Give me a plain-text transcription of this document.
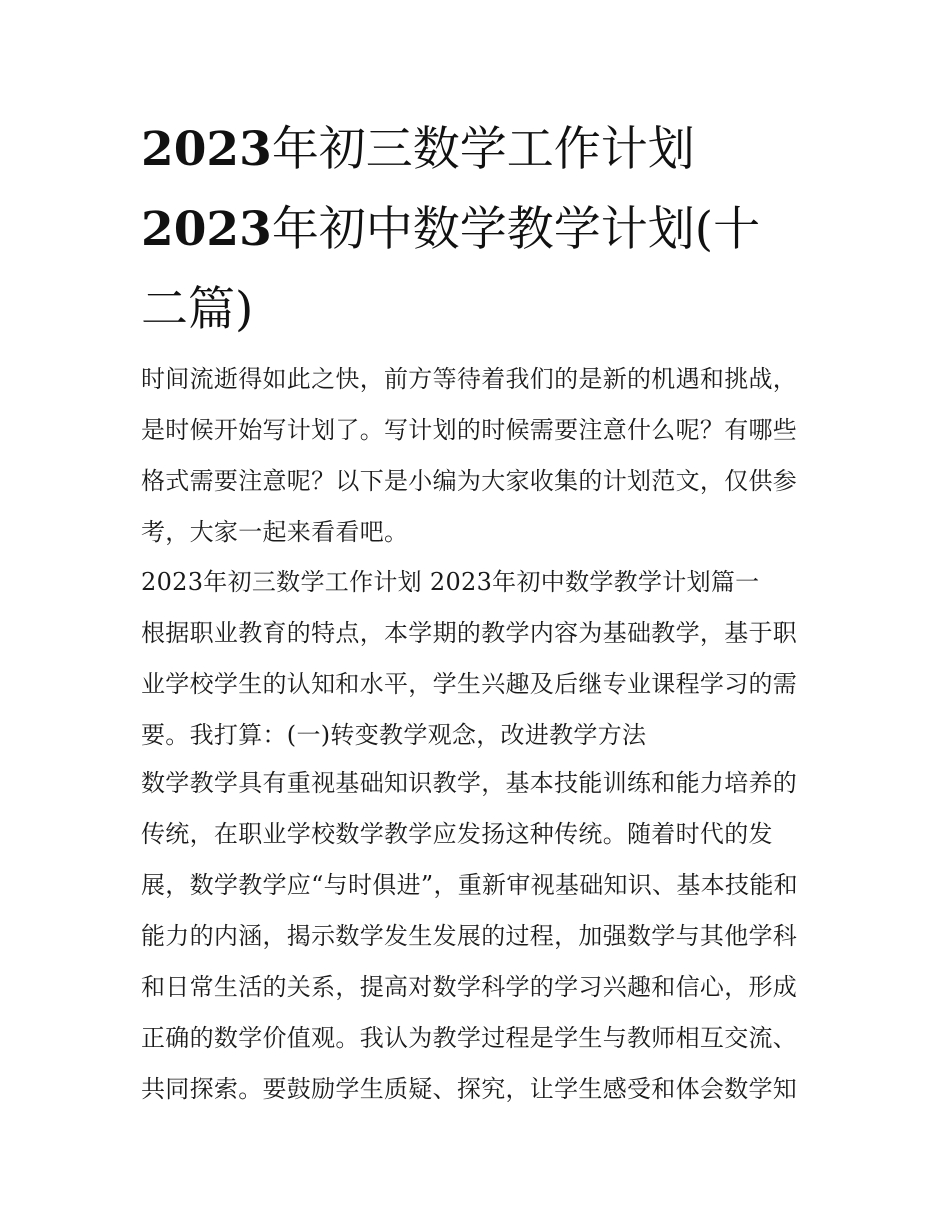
2023年初三数学工作计划
2023年初中数学教学计划(十
二篇)
时间流逝得如此之快，前方等待着我们的是新的机遇和挑战，
是时候开始写计划了。写计划的时候需要注意什么呢？有哪些
格式需要注意呢？以下是小编为大家收集的计划范文，仅供参
考，大家一起来看看吧。
2023年初三数学工作计划 2023年初中数学教学计划篇一
根据职业教育的特点，本学期的教学内容为基础教学，基于职
业学校学生的认知和水平，学生兴趣及后继专业课程学习的需
要。我打算：(一)转变教学观念，改进教学方法
数学教学具有重视基础知识教学，基本技能训练和能力培养的
传统，在职业学校数学教学应发扬这种传统。随着时代的发
展，数学教学应“与时俱进”，重新审视基础知识、基本技能和
能力的内涵，揭示数学发生发展的过程，加强数学与其他学科
和日常生活的关系，提高对数学科学的学习兴趣和信心，形成
正确的数学价值观。我认为教学过程是学生与教师相互交流、
共同探索。要鼓励学生质疑、探究，让学生感受和体会数学知
